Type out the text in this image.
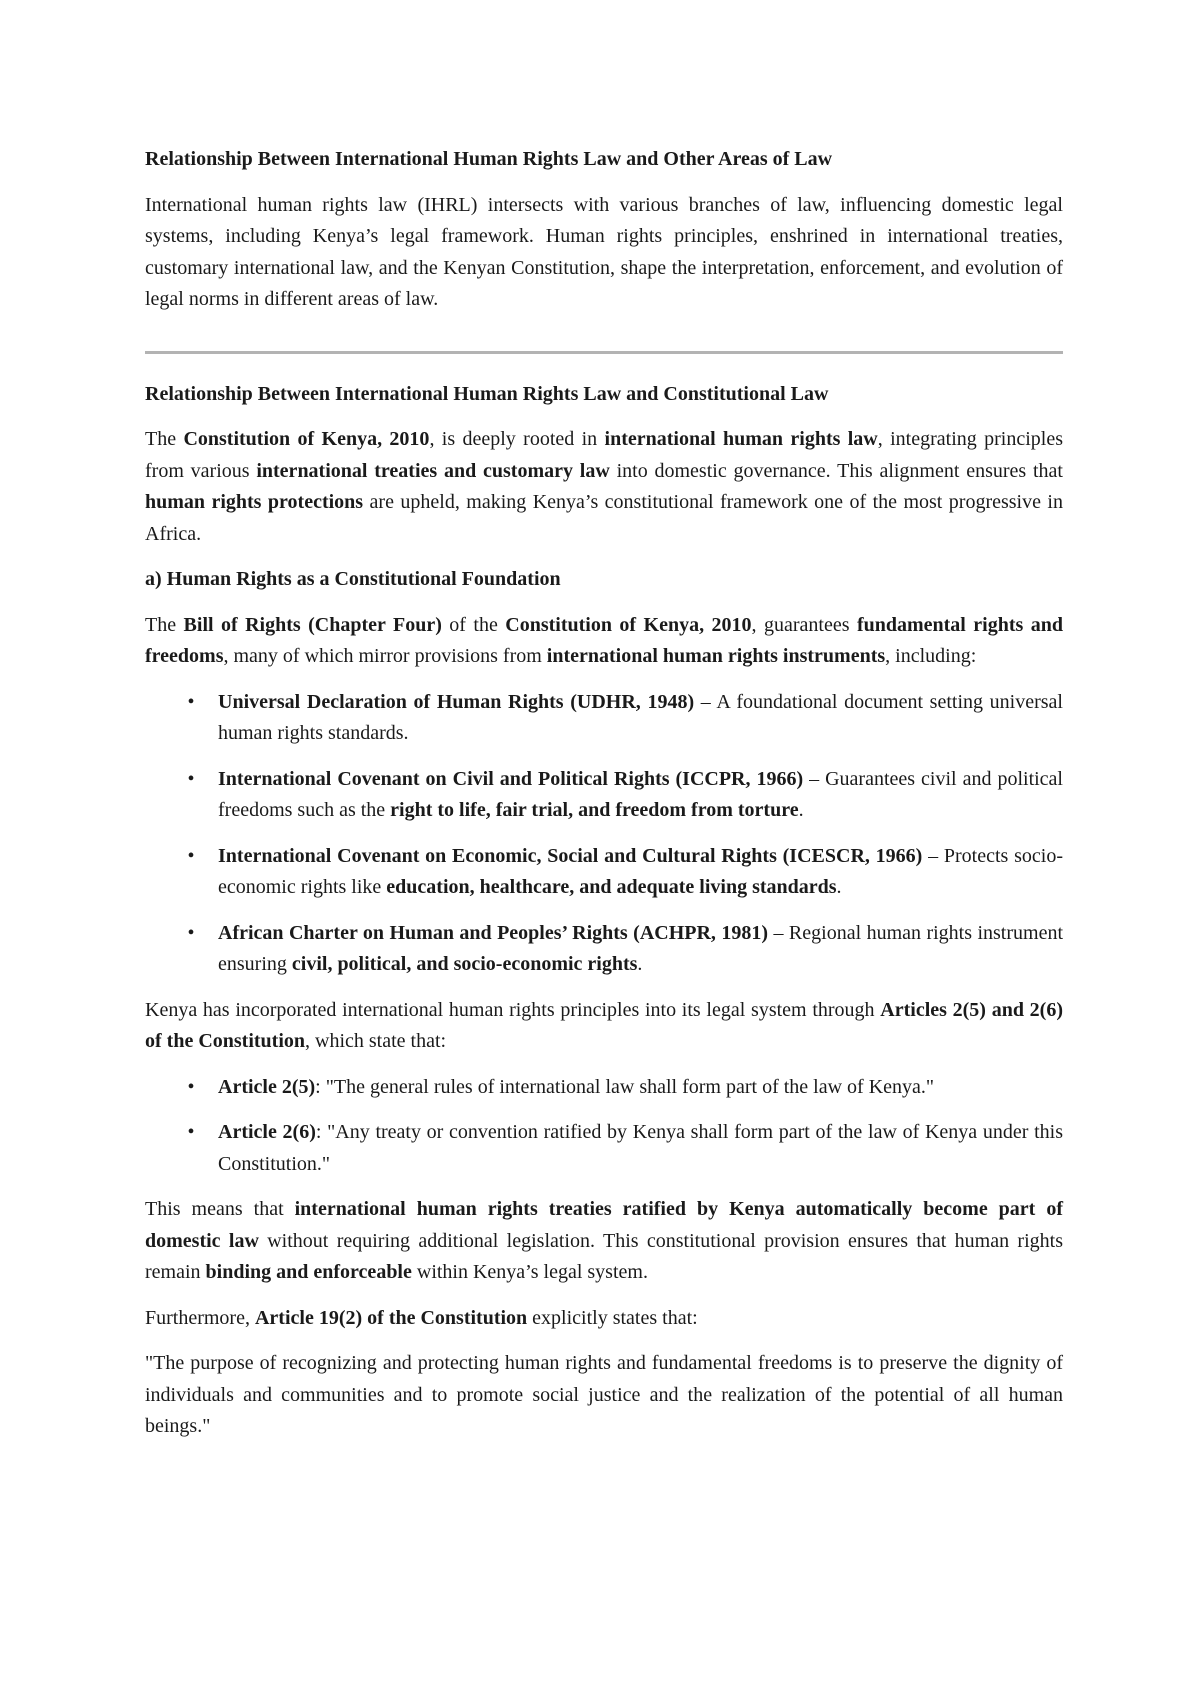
Relationship Between International Human Rights Law and Other Areas of Law

International human rights law (IHRL) intersects with various branches of law, influencing domestic legal systems, including Kenya’s legal framework. Human rights principles, enshrined in international treaties, customary international law, and the Kenyan Constitution, shape the interpretation, enforcement, and evolution of legal norms in different areas of law.

Relationship Between International Human Rights Law and Constitutional Law

The Constitution of Kenya, 2010, is deeply rooted in international human rights law, integrating principles from various international treaties and customary law into domestic governance. This alignment ensures that human rights protections are upheld, making Kenya’s constitutional framework one of the most progressive in Africa.

a) Human Rights as a Constitutional Foundation

The Bill of Rights (Chapter Four) of the Constitution of Kenya, 2010, guarantees fundamental rights and freedoms, many of which mirror provisions from international human rights instruments, including:

• Universal Declaration of Human Rights (UDHR, 1948) – A foundational document setting universal human rights standards.
• International Covenant on Civil and Political Rights (ICCPR, 1966) – Guarantees civil and political freedoms such as the right to life, fair trial, and freedom from torture.
• International Covenant on Economic, Social and Cultural Rights (ICESCR, 1966) – Protects socio-economic rights like education, healthcare, and adequate living standards.
• African Charter on Human and Peoples’ Rights (ACHPR, 1981) – Regional human rights instrument ensuring civil, political, and socio-economic rights.

Kenya has incorporated international human rights principles into its legal system through Articles 2(5) and 2(6) of the Constitution, which state that:

• Article 2(5): "The general rules of international law shall form part of the law of Kenya."
• Article 2(6): "Any treaty or convention ratified by Kenya shall form part of the law of Kenya under this Constitution."

This means that international human rights treaties ratified by Kenya automatically become part of domestic law without requiring additional legislation. This constitutional provision ensures that human rights remain binding and enforceable within Kenya’s legal system.

Furthermore, Article 19(2) of the Constitution explicitly states that:

"The purpose of recognizing and protecting human rights and fundamental freedoms is to preserve the dignity of individuals and communities and to promote social justice and the realization of the potential of all human beings."
